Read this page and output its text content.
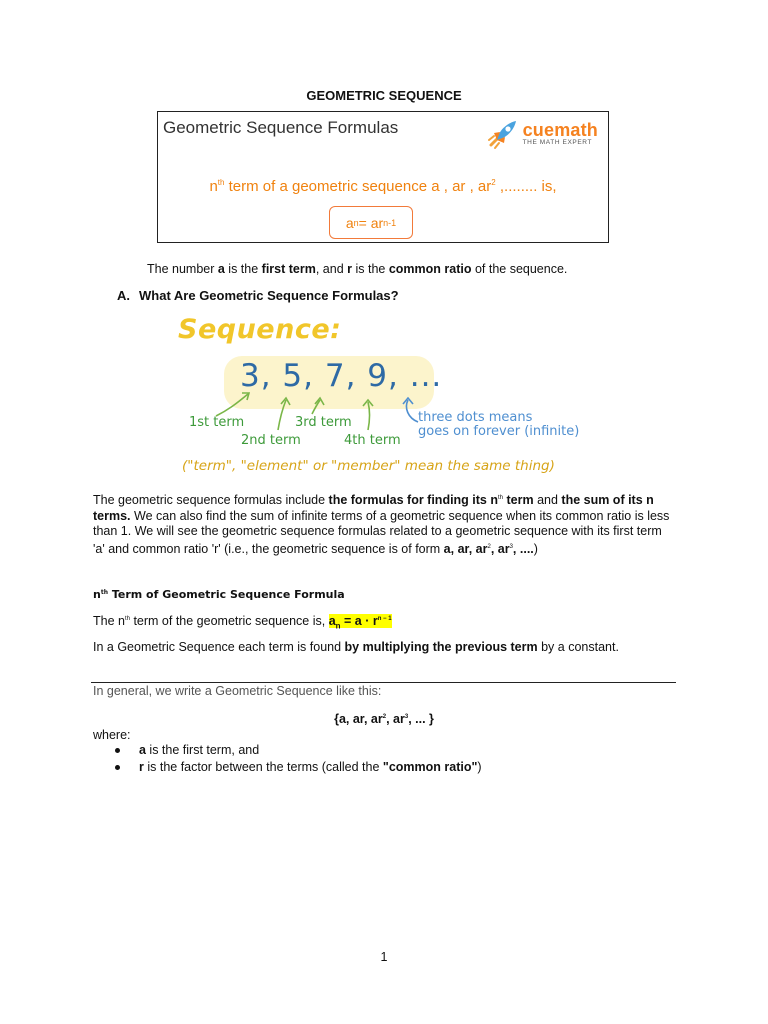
GEOMETRIC SEQUENCE
Geometric Sequence Formulas	cuemath
THE MATH EXPERT
$n^{th}$ term of a geometric sequence a , ar , $ar^2$ ,........ is,
a n = ar n-1
The number a is the first term, and r is the common ratio of the sequence.
A. What Are Geometric Sequence Formulas?
Sequence:
3, 5, 7, 9, ...
1st term
2nd term
3rd term
4th term
three dots means
goes on forever (infinite)
("term", "element" or "member" mean the same thing)
The geometric sequence formulas include the formulas for finding its $n^{th}$ term and the sum of its n terms. We can also find the sum of infinite terms of a geometric sequence when its common ratio is less than 1. We will see the geometric sequence formulas related to a geometric sequence with its first term 'a' and common ratio 'r' (i.e., the geometric sequence is of form a, ar, $ar^2$, $ar^3$, ....)
$n^{th}$ Term of Geometric Sequence Formula
The $n^{th}$ term of the geometric sequence is, $a_n = a \cdot r^{n - 1}$
In a Geometric Sequence each term is found by multiplying the previous term by a constant.
In general, we write a Geometric Sequence like this:
{a, ar, $ar^2$, $ar^3$, ... }
where:
a is the first term, and
r is the factor between the terms (called the "common ratio")
1
